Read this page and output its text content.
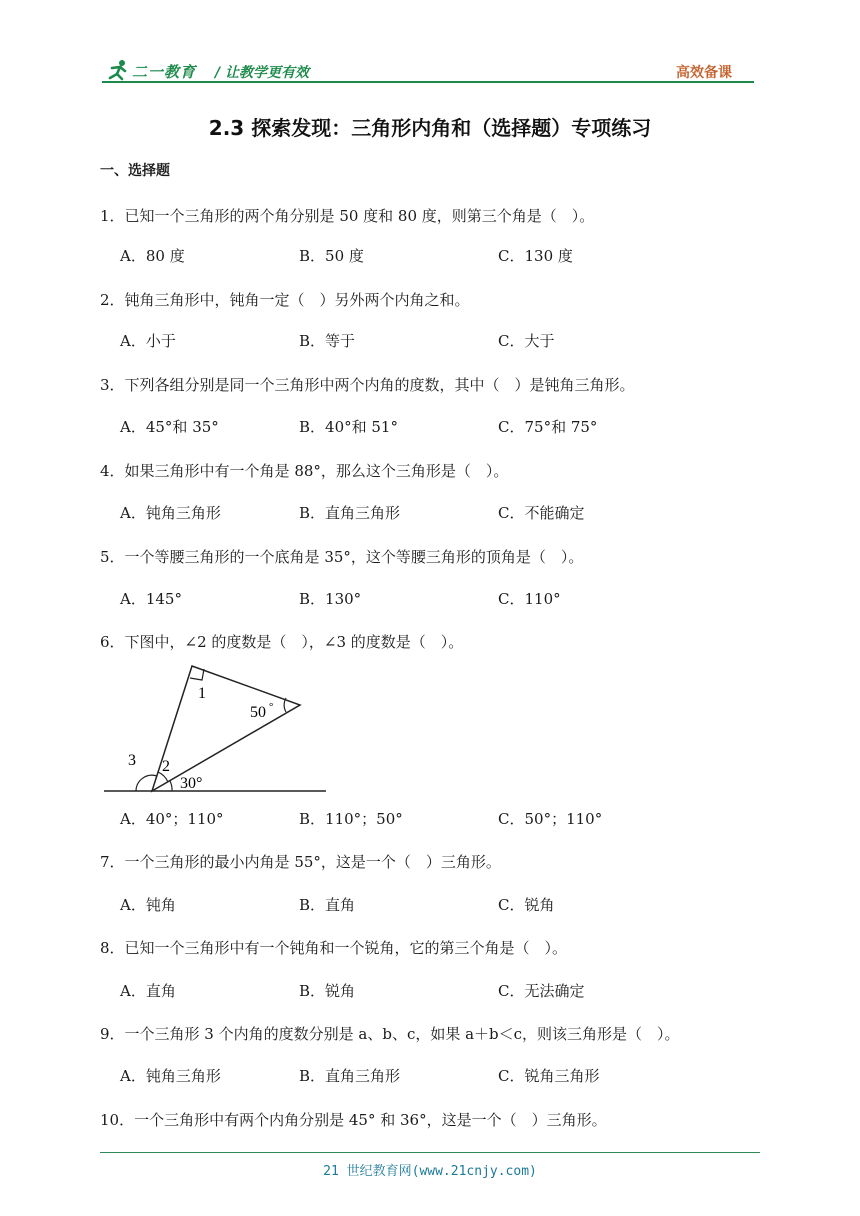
二一教育 / 让教学更有效	高效备课
2.3 探索发现：三角形内角和（选择题）专项练习
一、选择题
1．已知一个三角形的两个角分别是 50 度和 80 度，则第三个角是（　）。
A．80 度	B．50 度	C．130 度
2．钝角三角形中，钝角一定（　）另外两个内角之和。
A．小于	B．等于	C．大于
3．下列各组分别是同一个三角形中两个内角的度数，其中（　）是钝角三角形。
A．45°和 35°	B．40°和 51°	C．75°和 75°
4．如果三角形中有一个角是 88°，那么这个三角形是（　）。
A．钝角三角形	B．直角三角形	C．不能确定
5．一个等腰三角形的一个底角是 35°，这个等腰三角形的顶角是（　）。
A．145°	B．130°	C．110°
6．下图中，∠2 的度数是（　），∠3 的度数是（　）。
1
50 °
3 2
30°
A．40°；110°	B．110°；50°	C．50°；110°
7．一个三角形的最小内角是 55°，这是一个（　）三角形。
A．钝角	B．直角	C．锐角
8．已知一个三角形中有一个钝角和一个锐角，它的第三个角是（　）。
A．直角	B．锐角	C．无法确定
9．一个三角形 3 个内角的度数分别是 a、b、c，如果 a＋b＜c，则该三角形是（　）。
A．钝角三角形	B．直角三角形	C．锐角三角形
10．一个三角形中有两个内角分别是 45° 和 36°，这是一个（　）三角形。
21 世纪教育网(www.21cnjy.com)
